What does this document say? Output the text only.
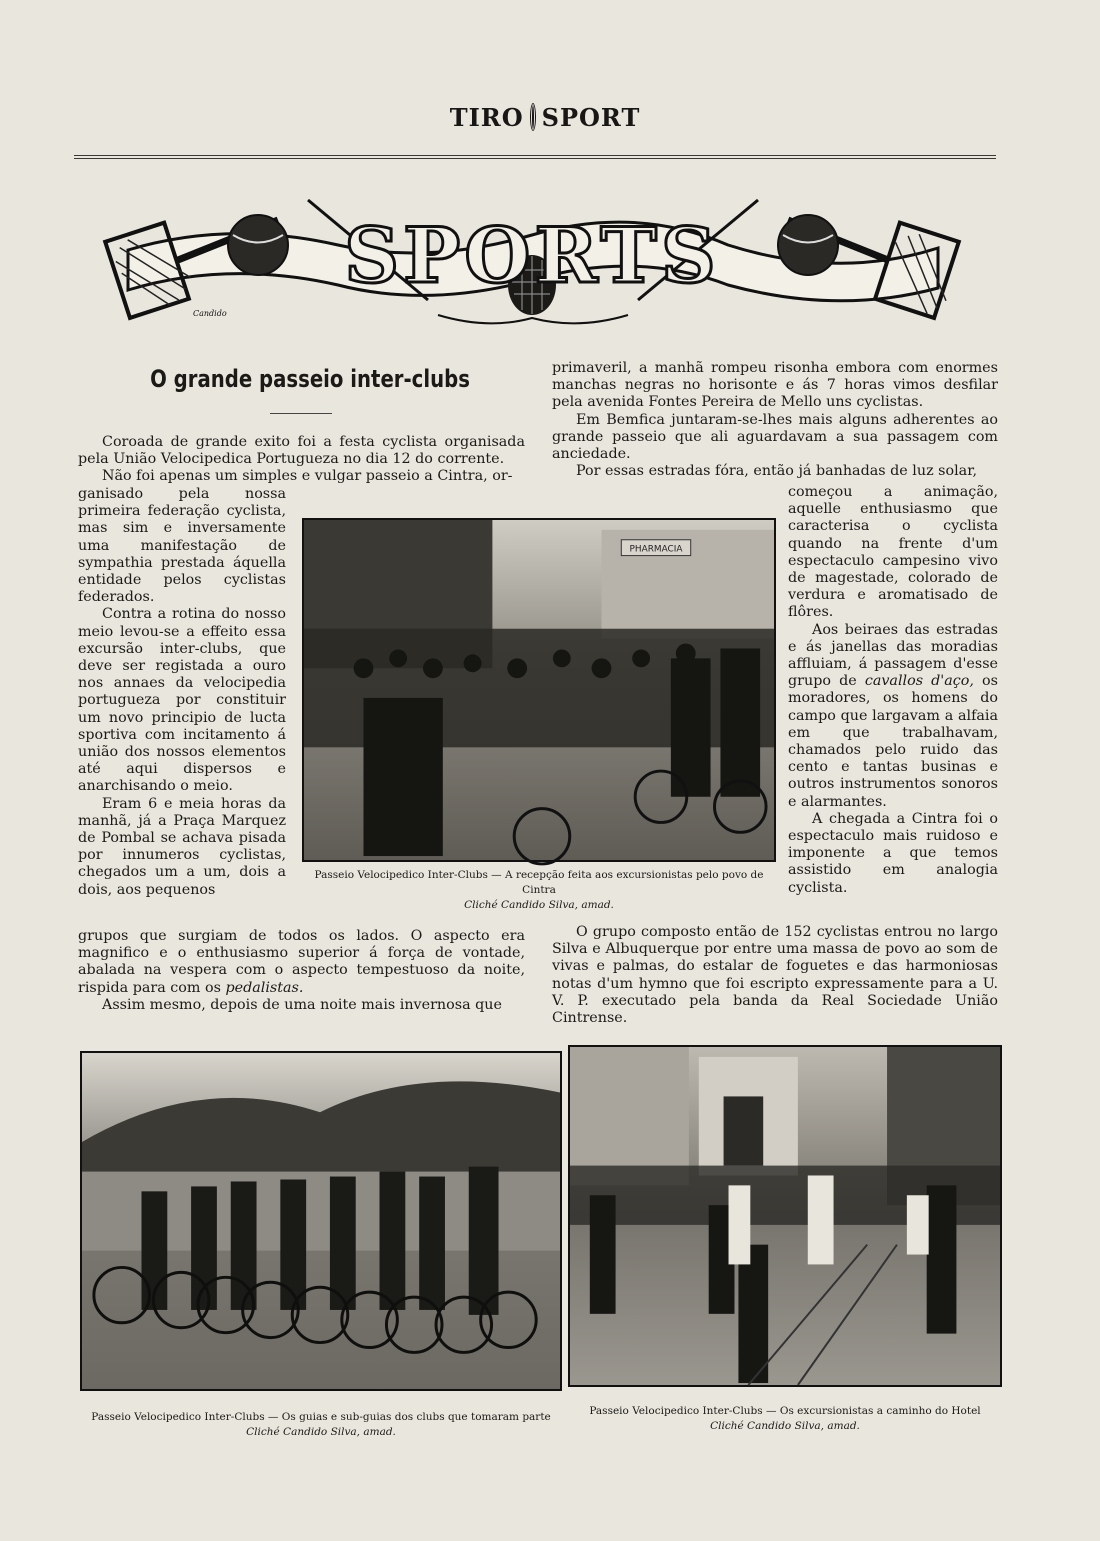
TIRO SPORT
SPORTS
Candido
O grande passeio inter-clubs

Coroada de grande exito foi a festa cyclista organisada pela União Velocipedica Portugueza no dia 12 do corrente.

Não foi apenas um simples e vulgar passeio a Cintra, or-

ganisado pela nossa primeira federação cyclista, mas sim e inversamente uma manifestação de sympathia prestada áquella entidade pelos cyclistas federados.

Contra a rotina do nosso meio levou-se a effeito essa excursão inter-clubs, que deve ser registada a ouro nos annaes da velocipedia portugueza por constituir um novo principio de lucta sportiva com incitamento á união dos nossos elementos até aqui dispersos e anarchisando o meio.

Eram 6 e meia horas da manhã, já a Praça Marquez de Pombal se achava pisada por innumeros cyclistas, chegados um a um, dois a dois, aos pequenos

grupos que surgiam de todos os lados. O aspecto era magnifico e o enthusiasmo superior á força de vontade, abalada na vespera com o aspecto tempestuoso da noite, rispida para com os pedalistas.

Assim mesmo, depois de uma noite mais invernosa que

primaveril, a manhã rompeu risonha embora com enormes manchas negras no horisonte e ás 7 horas vimos desfilar pela avenida Fontes Pereira de Mello uns cyclistas.

Em Bemfica juntaram-se-lhes mais alguns adherentes ao grande passeio que ali aguardavam a sua passagem com anciedade.

Por essas estradas fóra, então já banhadas de luz solar,

começou a animação, aquelle enthusiasmo que caracterisa o cyclista quando na frente d'um espectaculo campesino vivo de magestade, colorado de verdura e aromatisado de flôres.

Aos beiraes das estradas e ás janellas das moradias affluiam, á passagem d'esse grupo de cavallos d'aço, os moradores, os homens do campo que largavam a alfaia em que trabalhavam, chamados pelo ruido das cento e tantas businas e outros instrumentos sonoros e alarmantes.

A chegada a Cintra foi o espectaculo mais ruidoso e imponente a que temos assistido em analogia cyclista.

O grupo composto então de 152 cyclistas entrou no largo Silva e Albuquerque por entre uma massa de povo ao som de vivas e palmas, do estalar de foguetes e das harmoniosas notas d'um hymno que foi escripto expressamente para a U. V. P. executado pela banda da Real Sociedade União Cintrense.

PHARMACIA
Passeio Velocipedico Inter-Clubs — A recepção feita aos excursionistas pelo povo de Cintra
Cliché Candido Silva, amad.
Passeio Velocipedico Inter-Clubs — Os guias e sub-guias dos clubs que tomaram parte
Cliché Candido Silva, amad.
Passeio Velocipedico Inter-Clubs — Os excursionistas a caminho do Hotel
Cliché Candido Silva, amad.
